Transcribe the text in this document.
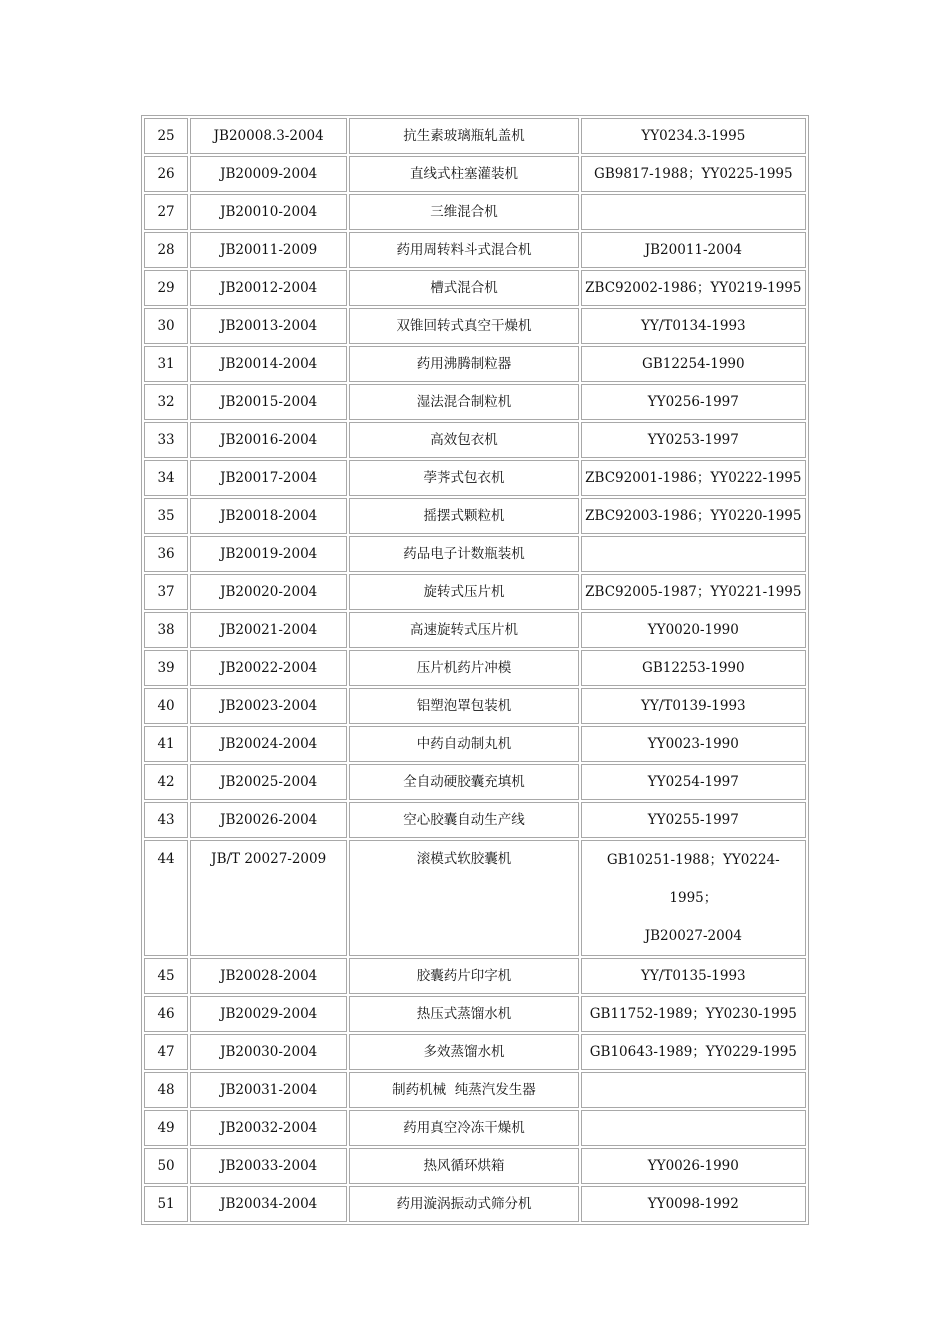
25	JB20008.3-2004	抗生素玻璃瓶轧盖机	YY0234.3-1995
26	JB20009-2004	直线式柱塞灌装机	GB9817-1988；YY0225-1995
27	JB20010-2004	三维混合机	
28	JB20011-2009	药用周转料斗式混合机	JB20011-2004
29	JB20012-2004	槽式混合机	ZBC92002-1986；YY0219-1995
30	JB20013-2004	双锥回转式真空干燥机	YY/T0134-1993
31	JB20014-2004	药用沸腾制粒器	GB12254-1990
32	JB20015-2004	湿法混合制粒机	YY0256-1997
33	JB20016-2004	高效包衣机	YY0253-1997
34	JB20017-2004	荸荠式包衣机	ZBC92001-1986；YY0222-1995
35	JB20018-2004	摇摆式颗粒机	ZBC92003-1986；YY0220-1995
36	JB20019-2004	药品电子计数瓶装机	
37	JB20020-2004	旋转式压片机	ZBC92005-1987；YY0221-1995
38	JB20021-2004	高速旋转式压片机	YY0020-1990
39	JB20022-2004	压片机药片冲模	GB12253-1990
40	JB20023-2004	铝塑泡罩包装机	YY/T0139-1993
41	JB20024-2004	中药自动制丸机	YY0023-1990
42	JB20025-2004	全自动硬胶囊充填机	YY0254-1997
43	JB20026-2004	空心胶囊自动生产线	YY0255-1997
44	JB/T 20027-2009	滚模式软胶囊机	GB10251-1988；YY0224-1995；
JB20027-2004

45	JB20028-2004	胶囊药片印字机	YY/T0135-1993
46	JB20029-2004	热压式蒸馏水机	GB11752-1989；YY0230-1995
47	JB20030-2004	多效蒸馏水机	GB10643-1989；YY0229-1995
48	JB20031-2004	制药机械  纯蒸汽发生器	
49	JB20032-2004	药用真空冷冻干燥机	
50	JB20033-2004	热风循环烘箱	YY0026-1990
51	JB20034-2004	药用漩涡振动式筛分机	YY0098-1992
